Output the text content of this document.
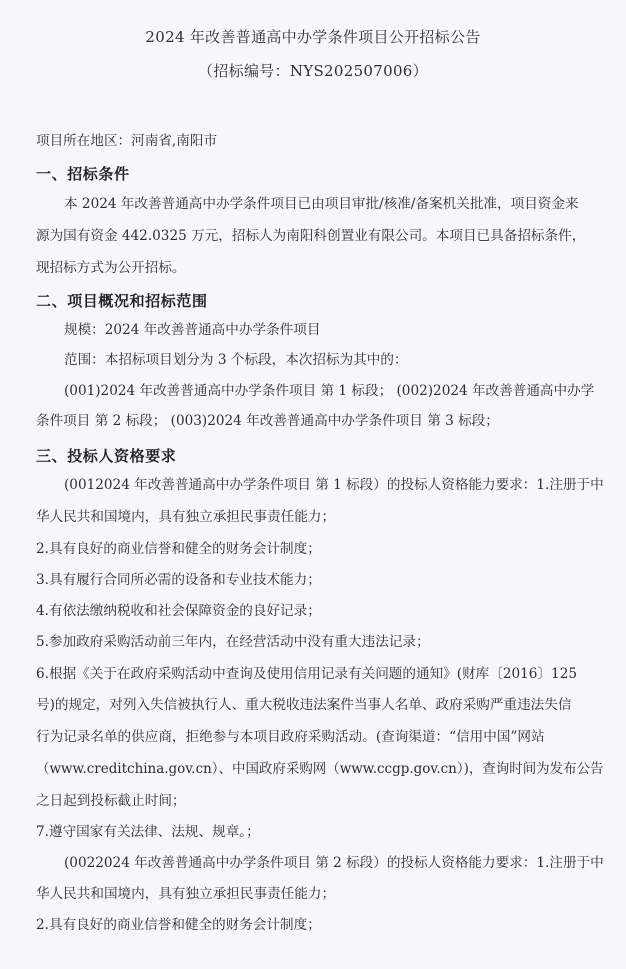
2024 年改善普通高中办学条件项目公开招标公告
（招标编号：NYS202507006）
项目所在地区：河南省,南阳市
一、招标条件
本 2024 年改善普通高中办学条件项目已由项目审批/核准/备案机关批准，项目资金来
源为国有资金 442.0325 万元，招标人为南阳科创置业有限公司。本项目已具备招标条件，
现招标方式为公开招标。
二、项目概况和招标范围
规模：2024 年改善普通高中办学条件项目
范围：本招标项目划分为 3 个标段，本次招标为其中的：
(001)2024 年改善普通高中办学条件项目 第 1 标段； (002)2024 年改善普通高中办学
条件项目 第 2 标段； (003)2024 年改善普通高中办学条件项目 第 3 标段；
三、投标人资格要求
(0012024 年改善普通高中办学条件项目 第 1 标段）的投标人资格能力要求：1.注册于中
华人民共和国境内，具有独立承担民事责任能力；
2.具有良好的商业信誉和健全的财务会计制度；
3.具有履行合同所必需的设备和专业技术能力；
4.有依法缴纳税收和社会保障资金的良好记录；
5.参加政府采购活动前三年内，在经营活动中没有重大违法记录；
6.根据《关于在政府采购活动中查询及使用信用记录有关问题的通知》(财库〔2016〕125
号)的规定，对列入失信被执行人、重大税收违法案件当事人名单、政府采购严重违法失信
行为记录名单的供应商，拒绝参与本项目政府采购活动。(查询渠道：“信用中国”网站
（www.creditchina.gov.cn）、中国政府采购网（www.ccgp.gov.cn）)，查询时间为发布公告
之日起到投标截止时间；
7.遵守国家有关法律、法规、规章。；
(0022024 年改善普通高中办学条件项目 第 2 标段）的投标人资格能力要求：1.注册于中
华人民共和国境内，具有独立承担民事责任能力；
2.具有良好的商业信誉和健全的财务会计制度；
